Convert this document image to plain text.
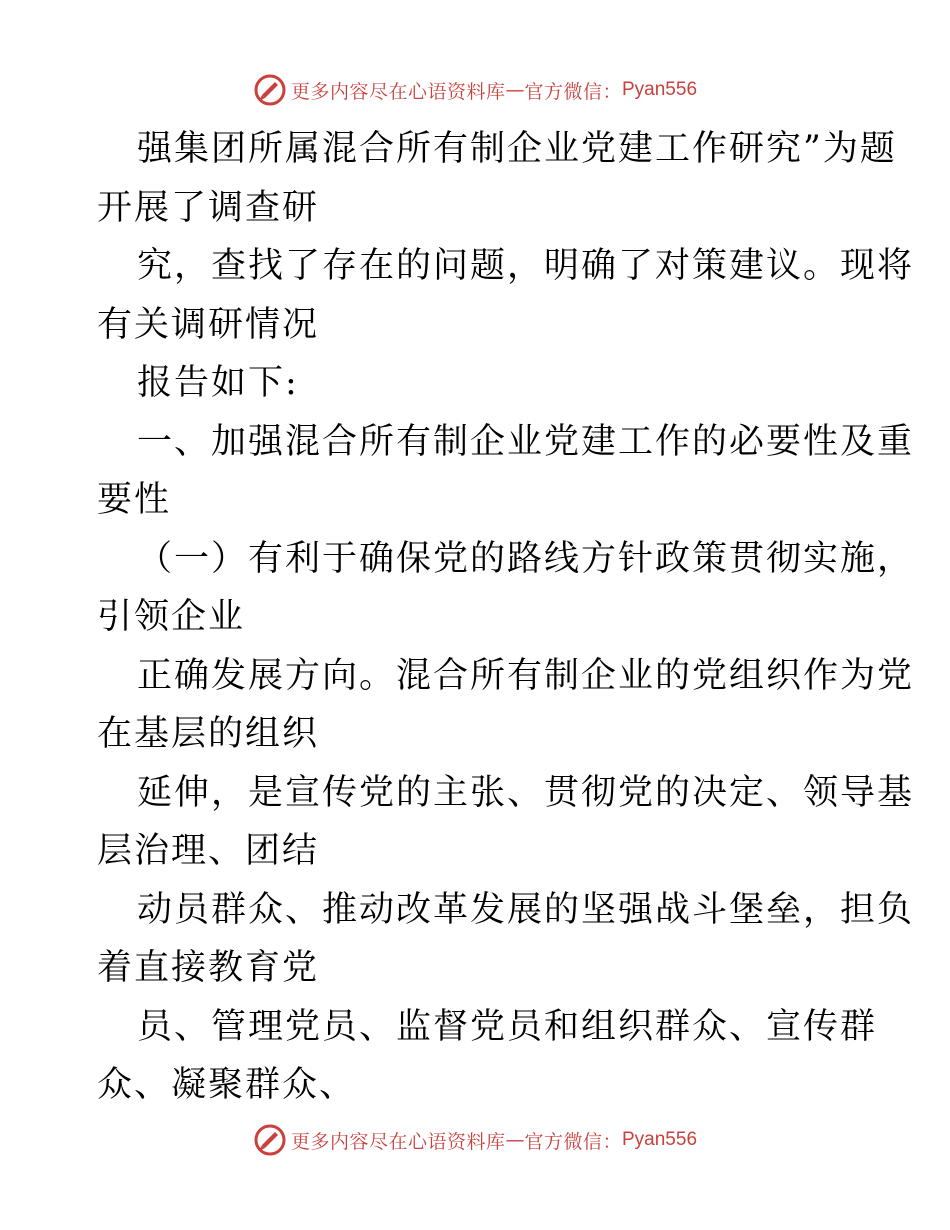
更多内容尽在心语资料库 — 官方微信： Pyan556
强集团所属混合所有制企业党建工作研究”为题
开展了调查研
究，查找了存在的问题，明确了对策建议。现将
有关调研情况
报告如下:
一、加强混合所有制企业党建工作的必要性及重
要性
（一）有利于确保党的路线方针政策贯彻实施，
引领企业
正确发展方向。混合所有制企业的党组织作为党
在基层的组织
延伸，是宣传党的主张、贯彻党的决定、领导基
层治理、团结
动员群众、推动改革发展的坚强战斗堡垒，担负
着直接教育党
员、管理党员、监督党员和组织群众、宣传群
众、凝聚群众、
更多内容尽在心语资料库 — 官方微信： Pyan556
